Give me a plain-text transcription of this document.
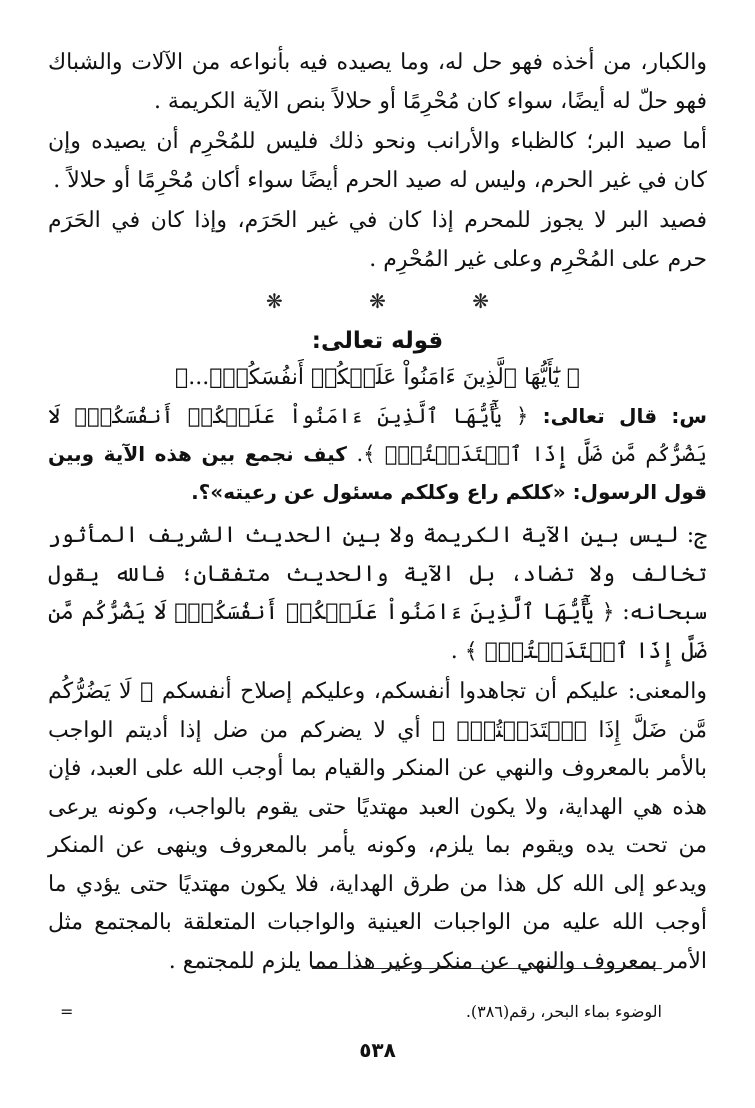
والكبار، من أخذه فهو حل له، وما يصيده فيه بأنواعه من الآلات والشباك فهو حلّ له أيضًا، سواء كان مُحْرِمًا أو حلالاً بنص الآية الكريمة .

أما صيد البر؛ كالظباء والأرانب ونحو ذلك فليس للمُحْرِم أن يصيده وإن كان في غير الحرم، وليس له صيد الحرم أيضًا سواء أكان مُحْرِمًا أو حلالاً .

فصيد البر لا يجوز للمحرم إذا كان في غير الحَرَم، وإذا كان في الحَرَم حرم على المُحْرِم وعلى غير المُحْرِم .

❋ ❋ ❋

قوله تعالى:

﴿ يَٰٓأَيُّهَا ٱلَّذِينَ ءَامَنُواْ عَلَيۡكُمۡ أَنفُسَكُمۡۖ...﴾

س: قال تعالى: ﴿ يَٰٓأَيُّهَا ٱلَّذِينَ ءَامَنُواْ عَلَيۡكُمۡ أَنفُسَكُمۡۖ لَا يَضُرُّكُم مَّن ضَلَّ إِذَا ٱهۡتَدَيۡتُمۡۚ ﴾. كيف نجمع بين هذه الآية وبين قول الرسول: «كلكم راع وكلكم مسئول عن رعيته»؟.

ج: ليس بين الآية الكريمة ولا بين الحديث الشريف المأثور تخالف ولا تضاد، بل الآية والحديث متفقان؛ فالله يقول سبحانه: ﴿ يَٰٓأَيُّهَا ٱلَّذِينَ ءَامَنُواْ عَلَيۡكُمۡ أَنفُسَكُمۡۖ لَا يَضُرُّكُم مَّن ضَلَّ إِذَا ٱهۡتَدَيۡتُمۡۚ ﴾ .

والمعنى: عليكم أن تجاهدوا أنفسكم، وعليكم إصلاح أنفسكم ﴿ لَا يَضُرُّكُم مَّن ضَلَّ إِذَا ٱهۡتَدَيۡتُمۡۚ ﴾ أي لا يضركم من ضل إذا أديتم الواجب بالأمر بالمعروف والنهي عن المنكر والقيام بما أوجب الله على العبد، فإن هذه هي الهداية، ولا يكون العبد مهتديًا حتى يقوم بالواجب، وكونه يرعى من تحت يده ويقوم بما يلزم، وكونه يأمر بالمعروف وينهى عن المنكر ويدعو إلى الله كل هذا من طرق الهداية، فلا يكون مهتديًا حتى يؤدي ما أوجب الله عليه من الواجبات العينية والواجبات المتعلقة بالمجتمع مثل الأمر بمعروف والنهي عن منكر وغير هذا مما يلزم للمجتمع .

الوضوء بماء البحر، رقم(٣٨٦).
=
٥٣٨
